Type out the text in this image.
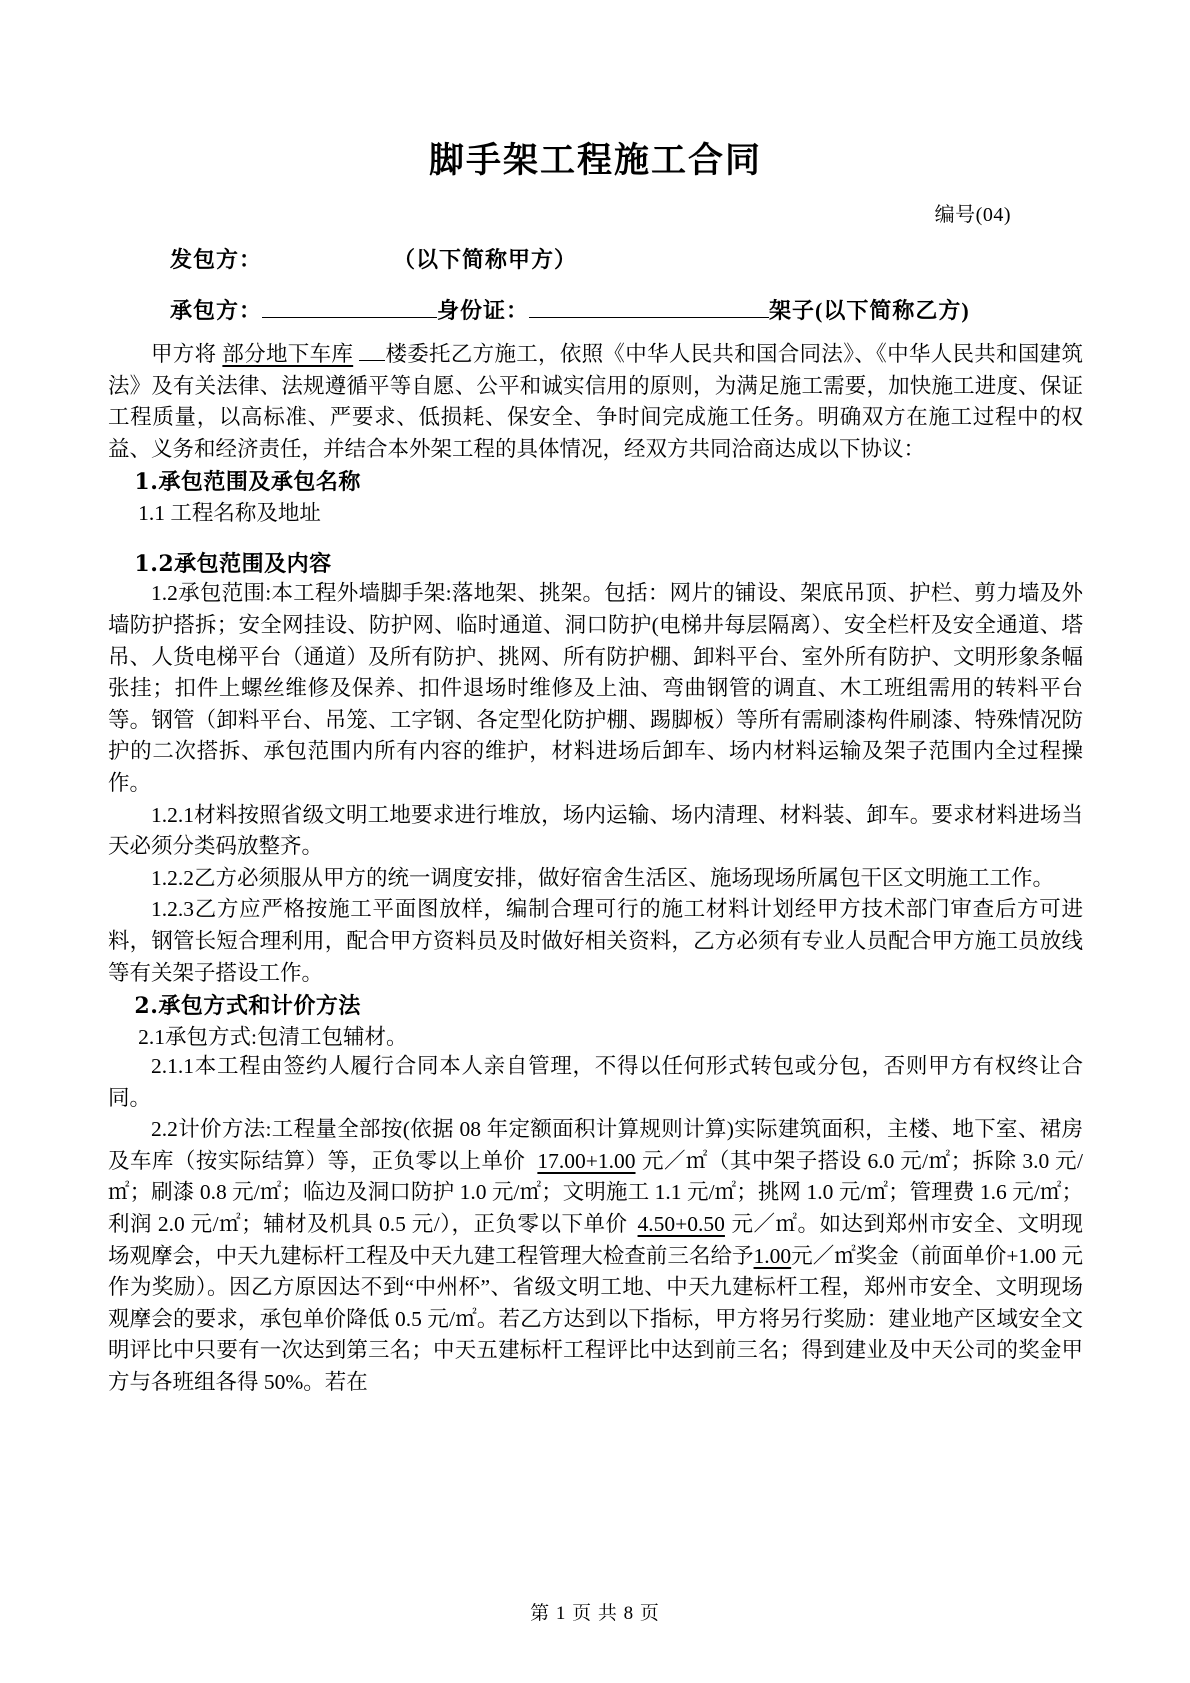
脚手架工程施工合同
编号(04)
发包方：	（以下简称甲方）
承包方：	身份证：	架子(以下简称乙方)

甲方将 部分地下车库 楼委托乙方施工，依照《中华人民共和国合同法》、《中华人民共和国建筑法》及有关法律、法规遵循平等自愿、公平和诚实信用的原则，为满足施工需要，加快施工进度、保证工程质量，以高标准、严要求、低损耗、保安全、争时间完成施工任务。明确双方在施工过程中的权益、义务和经济责任，并结合本外架工程的具体情况，经双方共同洽商达成以下协议：

1.承包范围及承包名称

1.1 工程名称及地址

1.2承包范围及内容

1.2承包范围:本工程外墙脚手架:落地架、挑架。包括：网片的铺设、架底吊顶、护栏、剪力墙及外墙防护搭拆；安全网挂设、防护网、临时通道、洞口防护(电梯井每层隔离）、安全栏杆及安全通道、塔吊、人货电梯平台（通道）及所有防护、挑网、所有防护棚、卸料平台、室外所有防护、文明形象条幅张挂；扣件上螺丝维修及保养、扣件退场时维修及上油、弯曲钢管的调直、木工班组需用的转料平台等。钢管（卸料平台、吊笼、工字钢、各定型化防护棚、踢脚板）等所有需刷漆构件刷漆、特殊情况防护的二次搭拆、承包范围内所有内容的维护，材料进场后卸车、场内材料运输及架子范围内全过程操作。

1.2.1材料按照省级文明工地要求进行堆放，场内运输、场内清理、材料装、卸车。要求材料进场当天必须分类码放整齐。

1.2.2乙方必须服从甲方的统一调度安排，做好宿舍生活区、施场现场所属包干区文明施工工作。

1.2.3乙方应严格按施工平面图放样，编制合理可行的施工材料计划经甲方技术部门审查后方可进料，钢管长短合理利用，配合甲方资料员及时做好相关资料，乙方必须有专业人员配合甲方施工员放线等有关架子搭设工作。

2.承包方式和计价方法

2.1承包方式:包清工包辅材。

2.1.1本工程由签约人履行合同本人亲自管理，不得以任何形式转包或分包，否则甲方有权终让合同。

2.2计价方法:工程量全部按(依据 08 年定额面积计算规则计算)实际建筑面积，主楼、地下室、裙房及车库（按实际结算）等，正负零以上单价 17.00+1.00 元／㎡（其中架子搭设 6.0 元/㎡；拆除 3.0 元/㎡；刷漆 0.8 元/㎡；临边及洞口防护 1.0 元/㎡；文明施工 1.1 元/㎡；挑网 1.0 元/㎡；管理费 1.6 元/㎡；利润 2.0 元/㎡；辅材及机具 0.5 元/），正负零以下单价 4.50+0.50 元／㎡。如达到郑州市安全、文明现场观摩会，中天九建标杆工程及中天九建工程管理大检查前三名给予1.00元／㎡奖金（前面单价+1.00 元作为奖励）。因乙方原因达不到“中州杯”、省级文明工地、中天九建标杆工程，郑州市安全、文明现场观摩会的要求，承包单价降低 0.5 元/㎡。若乙方达到以下指标，甲方将另行奖励：建业地产区域安全文明评比中只要有一次达到第三名；中天五建标杆工程评比中达到前三名；得到建业及中天公司的奖金甲方与各班组各得 50%。若在

第 1 页 共 8 页
